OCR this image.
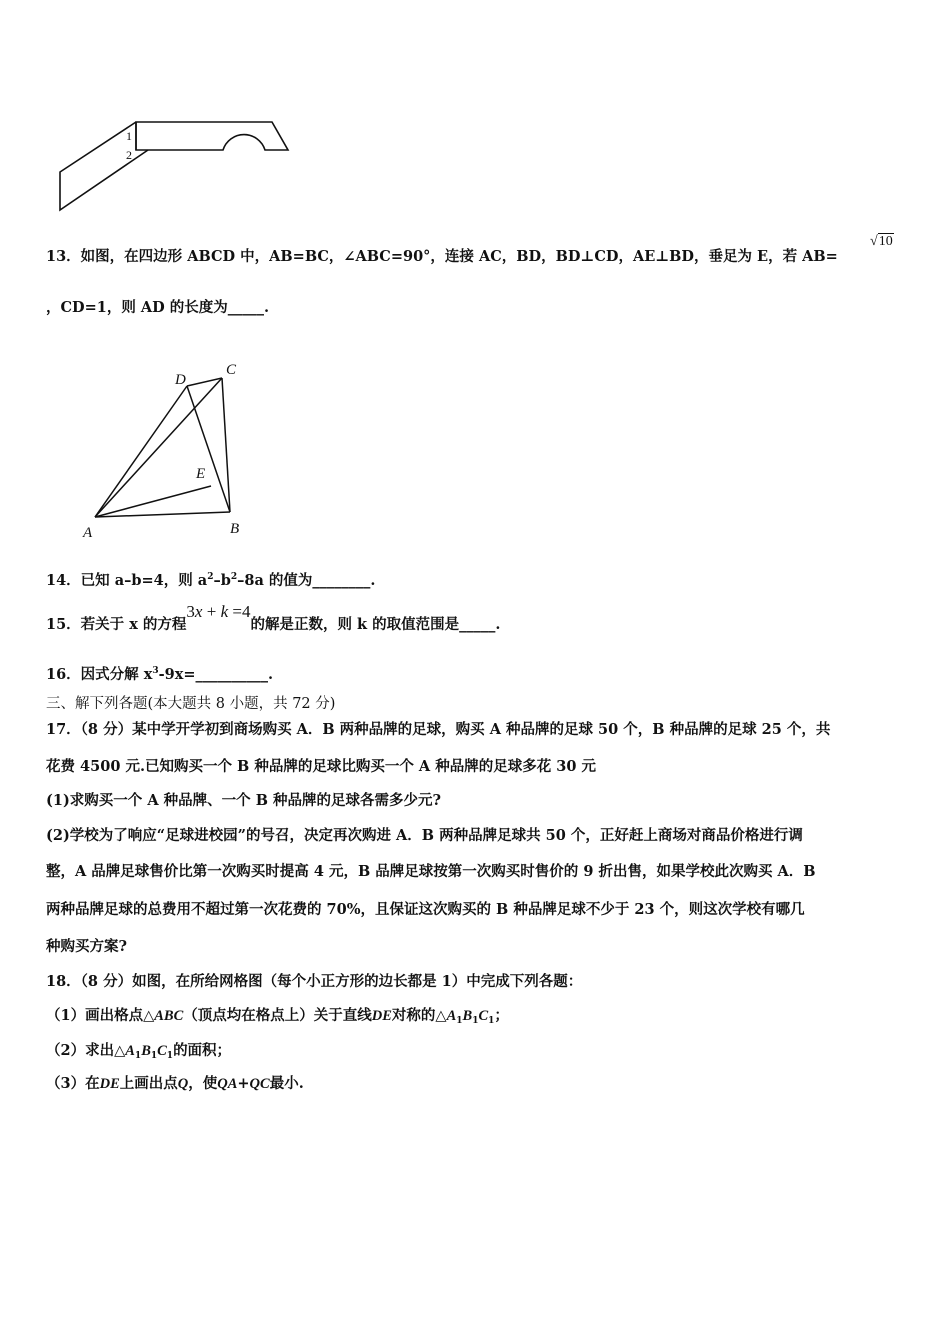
1
2
13．如图，在四边形 ABCD 中，AB=BC，∠ABC=90°，连接 AC，BD，BD⊥CD，AE⊥BD，垂足为 E，若 AB=
√10
，CD=1，则 AD 的长度为_____.
D
C
E
A	B
14．已知 a–b=4，则 $a^2-b^2-8a$ 的值为________.
15．若关于 x 的方程3x + k =4的解是正数，则 k 的取值范围是_____.
16．因式分解 $x^3-9x=\_\_\_\_\_\_\_\_\_\_$.
三、解下列各题(本大题共 8 小题，共 72 分)
17．（8 分）某中学开学初到商场购买 A．B 两种品牌的足球，购买 A 种品牌的足球 50 个，B 种品牌的足球 25 个，共
花费 4500 元.已知购买一个 B 种品牌的足球比购买一个 A 种品牌的足球多花 30 元
(1)求购买一个 A 种品牌、一个 B 种品牌的足球各需多少元?
(2)学校为了响应“足球进校园”的号召，决定再次购进 A．B 两种品牌足球共 50 个，正好赶上商场对商品价格进行调
整，A 品牌足球售价比第一次购买时提高 4 元，B 品牌足球按第一次购买时售价的 9 折出售，如果学校此次购买 A．B
两种品牌足球的总费用不超过第一次花费的 70%，且保证这次购买的 B 种品牌足球不少于 23 个，则这次学校有哪几
种购买方案?
18．（8 分）如图，在所给网格图（每个小正方形的边长都是 1）中完成下列各题：
（1）画出格点△ABC（顶点均在格点上）关于直线DE对称的$\triangle A_1B_1C_1$；
（2）求出$\triangle A_1B_1C_1$的面积；
（3）在DE上画出点Q，使QA+QC最小.
